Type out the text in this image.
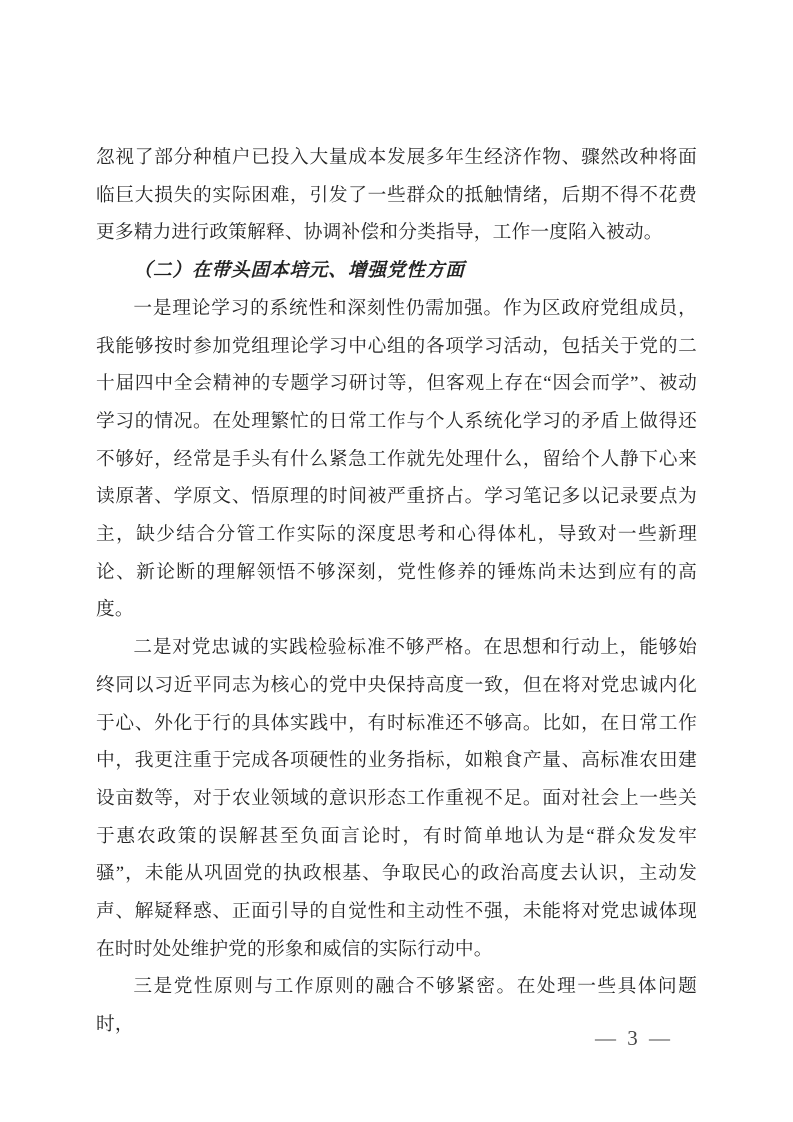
忽视了部分种植户已投入大量成本发展多年生经济作物、骤然改种将面临巨大损失的实际困难，引发了一些群众的抵触情绪，后期不得不花费更多精力进行政策解释、协调补偿和分类指导，工作一度陷入被动。

（二）在带头固本培元、增强党性方面

一是理论学习的系统性和深刻性仍需加强。作为区政府党组成员，我能够按时参加党组理论学习中心组的各项学习活动，包括关于党的二十届四中全会精神的专题学习研讨等，但客观上存在“因会而学”、被动学习的情况。在处理繁忙的日常工作与个人系统化学习的矛盾上做得还不够好，经常是手头有什么紧急工作就先处理什么，留给个人静下心来读原著、学原文、悟原理的时间被严重挤占。学习笔记多以记录要点为主，缺少结合分管工作实际的深度思考和心得体札，导致对一些新理论、新论断的理解领悟不够深刻，党性修养的锤炼尚未达到应有的高度。

二是对党忠诚的实践检验标准不够严格。在思想和行动上，能够始终同以习近平同志为核心的党中央保持高度一致，但在将对党忠诚内化于心、外化于行的具体实践中，有时标准还不够高。比如，在日常工作中，我更注重于完成各项硬性的业务指标，如粮食产量、高标准农田建设亩数等，对于农业领域的意识形态工作重视不足。面对社会上一些关于惠农政策的误解甚至负面言论时，有时简单地认为是“群众发发牢骚”，未能从巩固党的执政根基、争取民心的政治高度去认识，主动发声、解疑释惑、正面引导的自觉性和主动性不强，未能将对党忠诚体现在时时处处维护党的形象和威信的实际行动中。

三是党性原则与工作原则的融合不够紧密。在处理一些具体问题时，

— 3 —
